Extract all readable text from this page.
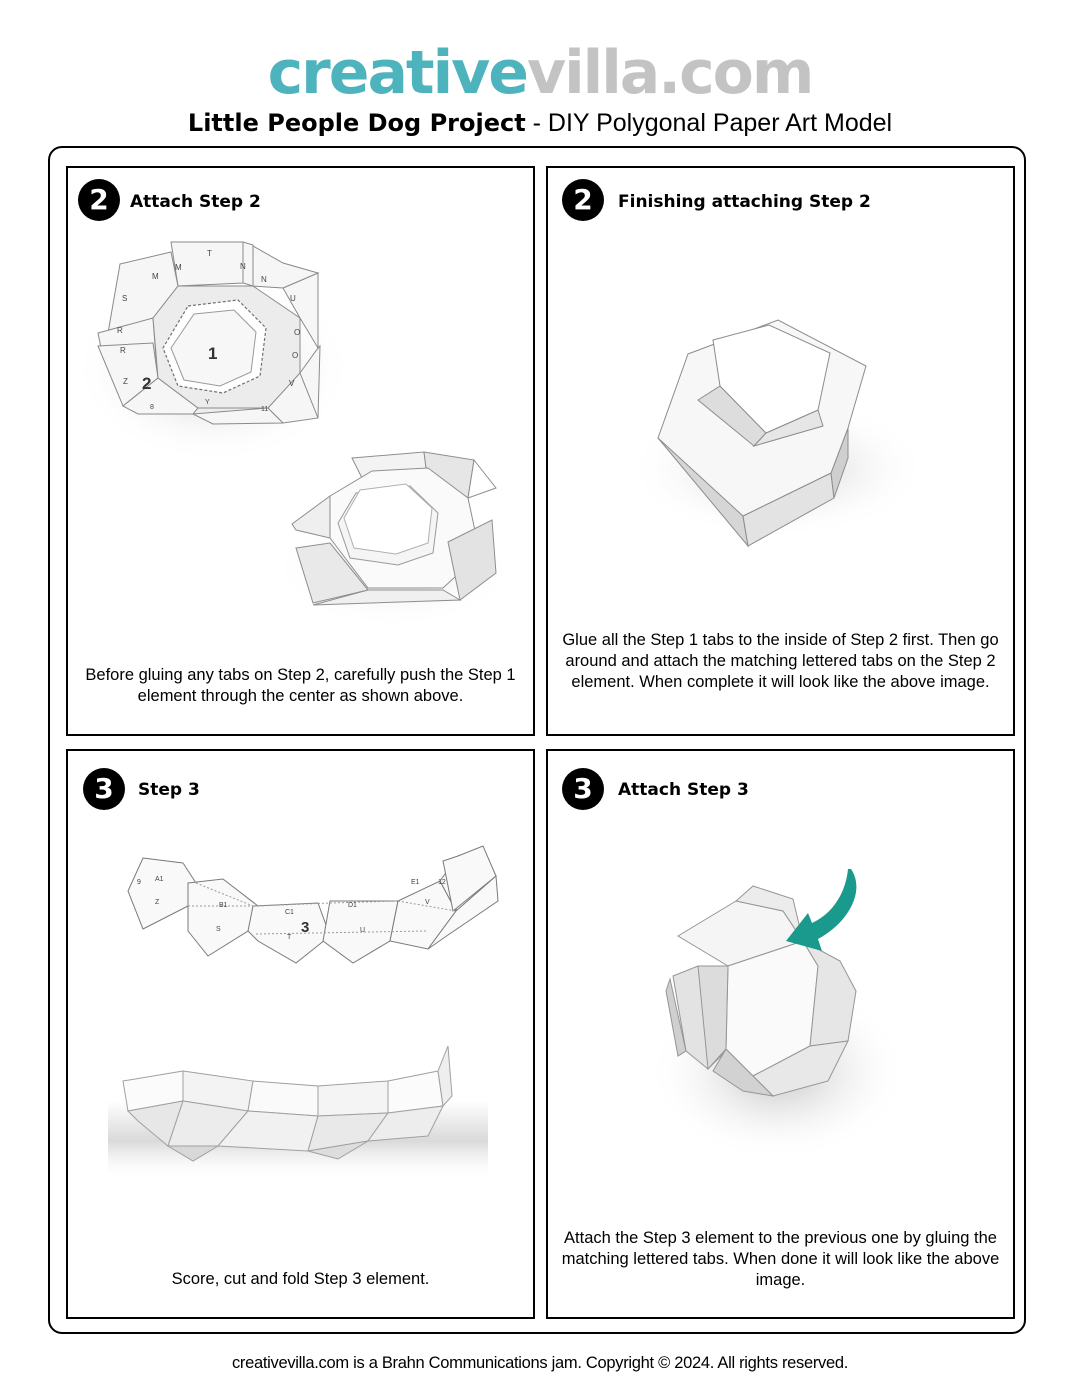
creativevilla.com
Little People Dog Project - DIY Polygonal Paper Art Model
2	Attach Step 2
1
2
T
M
M	N
N
S	U
R
R
O
O
Z	V
8
Y
11
Before gluing any tabs on Step 2, carefully push the Step 1 element through the center as shown above.
2	Finishing attaching Step 2
Glue all the Step 1 tabs to the inside of Step 2 first. Then go around and attach the matching lettered tabs on the Step 2 element. When complete it will look like the above image.
3	Step 3
9 A1
Z	B1
S
C1
T
3
D1
U
E1	12
V
Score, cut and fold Step 3 element.
3	Attach Step 3
Attach the Step 3 element to the previous one by gluing the matching lettered tabs. When done it will look like the above image.
creativevilla.com is a Brahn Communications jam. Copyright © 2024. All rights reserved.
